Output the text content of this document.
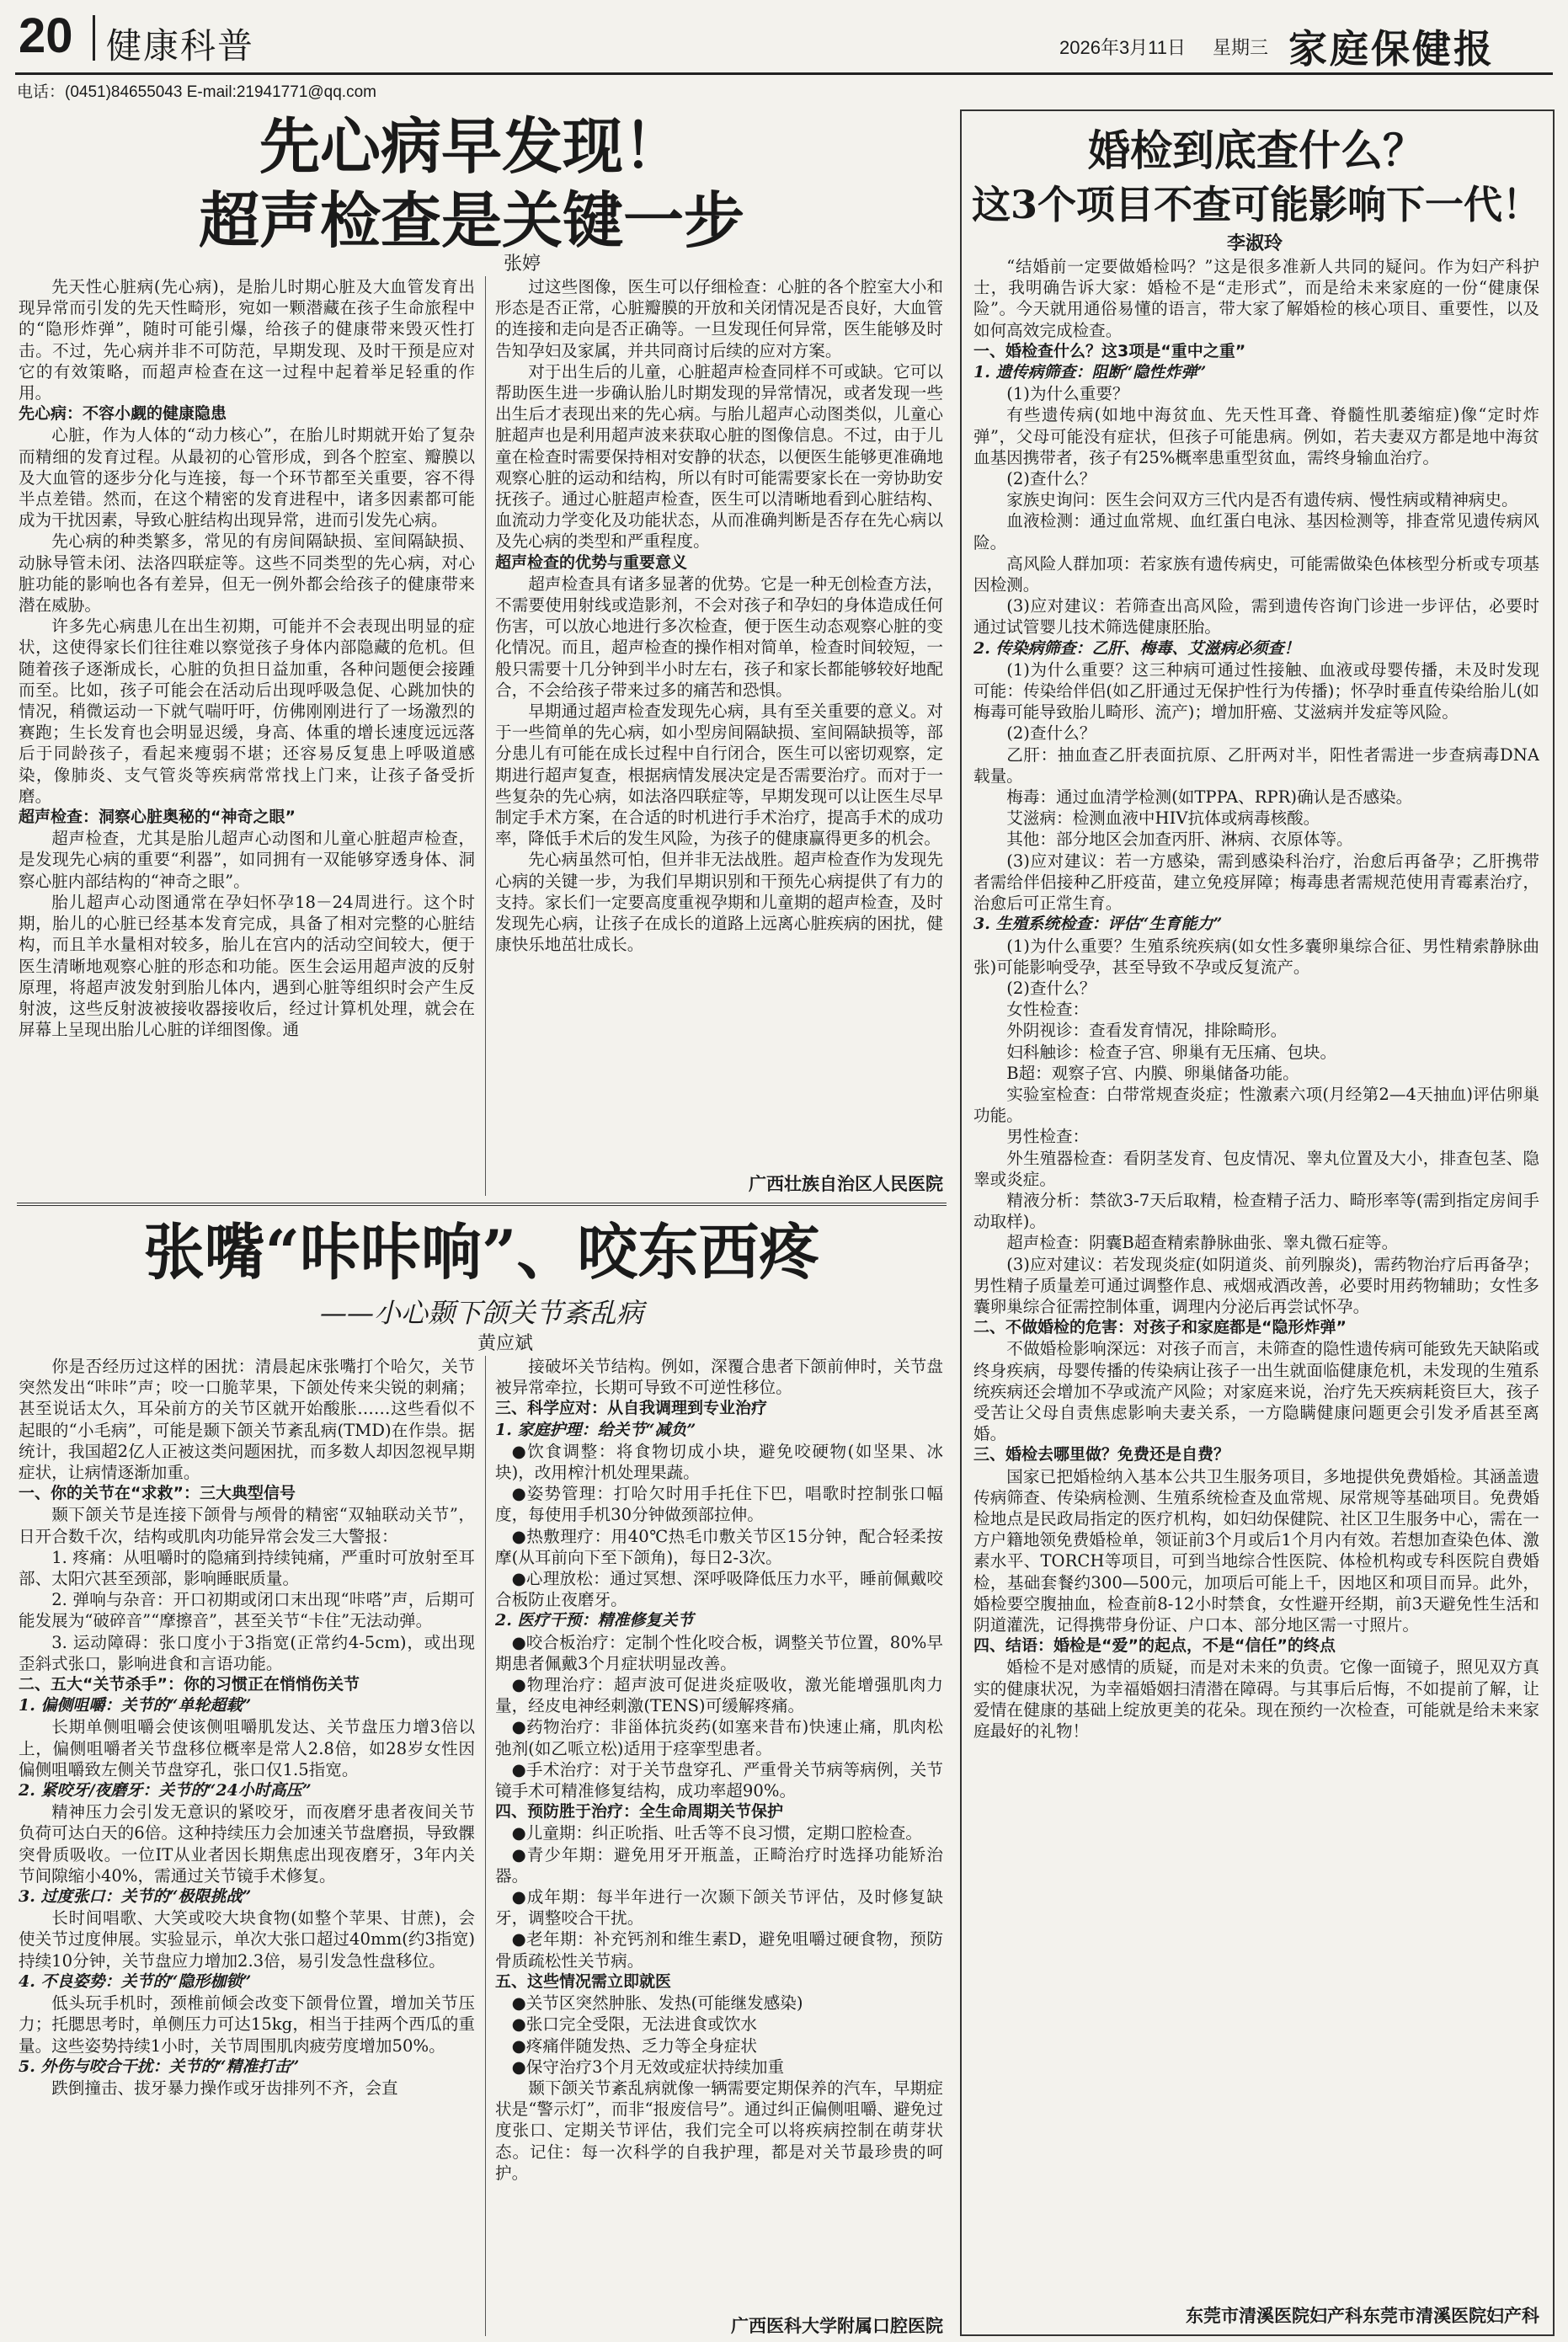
20 健康科普	2026年3月11日 星期三 家庭保健报
电话：(0451)84655043 E-mail:21941771@qq.com
先心病早发现！
超声检查是关键一步
张婷

先天性心脏病(先心病)，是胎儿时期心脏及大血管发育出现异常而引发的先天性畸形，宛如一颗潜藏在孩子生命旅程中的“隐形炸弹”，随时可能引爆，给孩子的健康带来毁灭性打击。不过，先心病并非不可防范，早期发现、及时干预是应对它的有效策略，而超声检查在这一过程中起着举足轻重的作用。

先心病：不容小觑的健康隐患

心脏，作为人体的“动力核心”，在胎儿时期就开始了复杂而精细的发育过程。从最初的心管形成，到各个腔室、瓣膜以及大血管的逐步分化与连接，每一个环节都至关重要，容不得半点差错。然而，在这个精密的发育进程中，诸多因素都可能成为干扰因素，导致心脏结构出现异常，进而引发先心病。

先心病的种类繁多，常见的有房间隔缺损、室间隔缺损、动脉导管未闭、法洛四联症等。这些不同类型的先心病，对心脏功能的影响也各有差异，但无一例外都会给孩子的健康带来潜在威胁。

许多先心病患儿在出生初期，可能并不会表现出明显的症状，这使得家长们往往难以察觉孩子身体内部隐藏的危机。但随着孩子逐渐成长，心脏的负担日益加重，各种问题便会接踵而至。比如，孩子可能会在活动后出现呼吸急促、心跳加快的情况，稍微运动一下就气喘吁吁，仿佛刚刚进行了一场激烈的赛跑；生长发育也会明显迟缓，身高、体重的增长速度远远落后于同龄孩子，看起来瘦弱不堪；还容易反复患上呼吸道感染，像肺炎、支气管炎等疾病常常找上门来，让孩子备受折磨。

超声检查：洞察心脏奥秘的“神奇之眼”

超声检查，尤其是胎儿超声心动图和儿童心脏超声检查，是发现先心病的重要“利器”，如同拥有一双能够穿透身体、洞察心脏内部结构的“神奇之眼”。

胎儿超声心动图通常在孕妇怀孕18－24周进行。这个时期，胎儿的心脏已经基本发育完成，具备了相对完整的心脏结构，而且羊水量相对较多，胎儿在宫内的活动空间较大，便于医生清晰地观察心脏的形态和功能。医生会运用超声波的反射原理，将超声波发射到胎儿体内，遇到心脏等组织时会产生反射波，这些反射波被接收器接收后，经过计算机处理，就会在屏幕上呈现出胎儿心脏的详细图像。通

过这些图像，医生可以仔细检查：心脏的各个腔室大小和形态是否正常，心脏瓣膜的开放和关闭情况是否良好，大血管的连接和走向是否正确等。一旦发现任何异常，医生能够及时告知孕妇及家属，并共同商讨后续的应对方案。

对于出生后的儿童，心脏超声检查同样不可或缺。它可以帮助医生进一步确认胎儿时期发现的异常情况，或者发现一些出生后才表现出来的先心病。与胎儿超声心动图类似，儿童心脏超声也是利用超声波来获取心脏的图像信息。不过，由于儿童在检查时需要保持相对安静的状态，以便医生能够更准确地观察心脏的运动和结构，所以有时可能需要家长在一旁协助安抚孩子。通过心脏超声检查，医生可以清晰地看到心脏结构、血流动力学变化及功能状态，从而准确判断是否存在先心病以及先心病的类型和严重程度。

超声检查的优势与重要意义

超声检查具有诸多显著的优势。它是一种无创检查方法，不需要使用射线或造影剂，不会对孩子和孕妇的身体造成任何伤害，可以放心地进行多次检查，便于医生动态观察心脏的变化情况。而且，超声检查的操作相对简单，检查时间较短，一般只需要十几分钟到半小时左右，孩子和家长都能够较好地配合，不会给孩子带来过多的痛苦和恐惧。

早期通过超声检查发现先心病，具有至关重要的意义。对于一些简单的先心病，如小型房间隔缺损、室间隔缺损等，部分患儿有可能在成长过程中自行闭合，医生可以密切观察，定期进行超声复查，根据病情发展决定是否需要治疗。而对于一些复杂的先心病，如法洛四联症等，早期发现可以让医生尽早制定手术方案，在合适的时机进行手术治疗，提高手术的成功率，降低手术后的发生风险，为孩子的健康赢得更多的机会。

先心病虽然可怕，但并非无法战胜。超声检查作为发现先心病的关键一步，为我们早期识别和干预先心病提供了有力的支持。家长们一定要高度重视孕期和儿童期的超声检查，及时发现先心病，让孩子在成长的道路上远离心脏疾病的困扰，健康快乐地茁壮成长。

广西壮族自治区人民医院
张嘴“咔咔响”、咬东西疼
——小心颞下颌关节紊乱病
黄应斌

你是否经历过这样的困扰：清晨起床张嘴打个哈欠，关节突然发出“咔咔”声；咬一口脆苹果，下颌处传来尖锐的刺痛；甚至说话太久，耳朵前方的关节区就开始酸胀……这些看似不起眼的“小毛病”，可能是颞下颌关节紊乱病(TMD)在作祟。据统计，我国超2亿人正被这类问题困扰，而多数人却因忽视早期症状，让病情逐渐加重。

一、你的关节在“求救”：三大典型信号

颞下颌关节是连接下颌骨与颅骨的精密“双轴联动关节”，日开合数千次，结构或肌肉功能异常会发三大警报：

1. 疼痛：从咀嚼时的隐痛到持续钝痛，严重时可放射至耳部、太阳穴甚至颈部，影响睡眠质量。

2. 弹响与杂音：开口初期或闭口末出现“咔嗒”声，后期可能发展为“破碎音”“摩擦音”，甚至关节“卡住”无法动弹。

3. 运动障碍：张口度小于3指宽(正常约4-5cm)，或出现歪斜式张口，影响进食和言语功能。

二、五大“关节杀手”：你的习惯正在悄悄伤关节

1. 偏侧咀嚼：关节的“单轮超载”

长期单侧咀嚼会使该侧咀嚼肌发达、关节盘压力增3倍以上，偏侧咀嚼者关节盘移位概率是常人2.8倍，如28岁女性因偏侧咀嚼致左侧关节盘穿孔，张口仅1.5指宽。

2. 紧咬牙/夜磨牙：关节的“24小时高压”

精神压力会引发无意识的紧咬牙，而夜磨牙患者夜间关节负荷可达白天的6倍。这种持续压力会加速关节盘磨损，导致髁突骨质吸收。一位IT从业者因长期焦虑出现夜磨牙，3年内关节间隙缩小40%，需通过关节镜手术修复。

3. 过度张口：关节的“极限挑战”

长时间唱歌、大笑或咬大块食物(如整个苹果、甘蔗)，会使关节过度伸展。实验显示，单次大张口超过40mm(约3指宽)持续10分钟，关节盘应力增加2.3倍，易引发急性盘移位。

4. 不良姿势：关节的“隐形枷锁”

低头玩手机时，颈椎前倾会改变下颌骨位置，增加关节压力；托腮思考时，单侧压力可达15kg，相当于挂两个西瓜的重量。这些姿势持续1小时，关节周围肌肉疲劳度增加50%。

5. 外伤与咬合干扰：关节的“精准打击”

跌倒撞击、拔牙暴力操作或牙齿排列不齐，会直

接破坏关节结构。例如，深覆合患者下颌前伸时，关节盘被异常牵拉，长期可导致不可逆性移位。

三、科学应对：从自我调理到专业治疗

1. 家庭护理：给关节“减负”

● 饮食调整：将食物切成小块，避免咬硬物(如坚果、冰块)，改用榨汁机处理果蔬。

● 姿势管理：打哈欠时用手托住下巴，唱歌时控制张口幅度，每使用手机30分钟做颈部拉伸。

● 热敷理疗：用40℃热毛巾敷关节区15分钟，配合轻柔按摩(从耳前向下至下颌角)，每日2-3次。

● 心理放松：通过冥想、深呼吸降低压力水平，睡前佩戴咬合板防止夜磨牙。

2. 医疗干预：精准修复关节

● 咬合板治疗：定制个性化咬合板，调整关节位置，80%早期患者佩戴3个月症状明显改善。

● 物理治疗：超声波可促进炎症吸收，激光能增强肌肉力量，经皮电神经刺激(TENS)可缓解疼痛。

● 药物治疗：非甾体抗炎药(如塞来昔布)快速止痛，肌肉松弛剂(如乙哌立松)适用于痉挛型患者。

● 手术治疗：对于关节盘穿孔、严重骨关节病等病例，关节镜手术可精准修复结构，成功率超90%。

四、预防胜于治疗：全生命周期关节保护

● 儿童期：纠正吮指、吐舌等不良习惯，定期口腔检查。

● 青少年期：避免用牙开瓶盖，正畸治疗时选择功能矫治器。

● 成年期：每半年进行一次颞下颌关节评估，及时修复缺牙，调整咬合干扰。

● 老年期：补充钙剂和维生素D，避免咀嚼过硬食物，预防骨质疏松性关节病。

五、这些情况需立即就医

● 关节区突然肿胀、发热(可能继发感染)

● 张口完全受限，无法进食或饮水

● 疼痛伴随发热、乏力等全身症状

● 保守治疗3个月无效或症状持续加重

颞下颌关节紊乱病就像一辆需要定期保养的汽车，早期症状是“警示灯”，而非“报废信号”。通过纠正偏侧咀嚼、避免过度张口、定期关节评估，我们完全可以将疾病控制在萌芽状态。记住：每一次科学的自我护理，都是对关节最珍贵的呵护。

广西医科大学附属口腔医院
婚检到底查什么？
这3个项目不查可能影响下一代！
李淑玲

“结婚前一定要做婚检吗？”这是很多准新人共同的疑问。作为妇产科护士，我明确告诉大家：婚检不是“走形式”，而是给未来家庭的一份“健康保险”。今天就用通俗易懂的语言，带大家了解婚检的核心项目、重要性，以及如何高效完成检查。

一、婚检查什么？这3项是“重中之重”

1. 遗传病筛查：阻断“隐性炸弹”

(1)为什么重要？

有些遗传病(如地中海贫血、先天性耳聋、脊髓性肌萎缩症)像“定时炸弹”，父母可能没有症状，但孩子可能患病。例如，若夫妻双方都是地中海贫血基因携带者，孩子有25%概率患重型贫血，需终身输血治疗。

(2)查什么？

家族史询问：医生会问双方三代内是否有遗传病、慢性病或精神病史。

血液检测：通过血常规、血红蛋白电泳、基因检测等，排查常见遗传病风险。

高风险人群加项：若家族有遗传病史，可能需做染色体核型分析或专项基因检测。

(3)应对建议：若筛查出高风险，需到遗传咨询门诊进一步评估，必要时通过试管婴儿技术筛选健康胚胎。

2. 传染病筛查：乙肝、梅毒、艾滋病必须查！

(1)为什么重要？这三种病可通过性接触、血液或母婴传播，未及时发现可能：传染给伴侣(如乙肝通过无保护性行为传播)；怀孕时垂直传染给胎儿(如梅毒可能导致胎儿畸形、流产)；增加肝癌、艾滋病并发症等风险。

(2)查什么？

乙肝：抽血查乙肝表面抗原、乙肝两对半，阳性者需进一步查病毒DNA载量。

梅毒：通过血清学检测(如TPPA、RPR)确认是否感染。

艾滋病：检测血液中HIV抗体或病毒核酸。

其他：部分地区会加查丙肝、淋病、衣原体等。

(3)应对建议：若一方感染，需到感染科治疗，治愈后再备孕；乙肝携带者需给伴侣接种乙肝疫苗，建立免疫屏障；梅毒患者需规范使用青霉素治疗，治愈后可正常生育。

3. 生殖系统检查：评估“生育能力”

(1)为什么重要？生殖系统疾病(如女性多囊卵巢综合征、男性精索静脉曲张)可能影响受孕，甚至导致不孕或反复流产。

(2)查什么？

女性检查：

外阴视诊：查看发育情况，排除畸形。

妇科触诊：检查子宫、卵巢有无压痛、包块。

B超：观察子宫、内膜、卵巢储备功能。

实验室检查：白带常规查炎症；性激素六项(月经第2—4天抽血)评估卵巢功能。

男性检查：

外生殖器检查：看阴茎发育、包皮情况、睾丸位置及大小，排查包茎、隐睾或炎症。

精液分析：禁欲3-7天后取精，检查精子活力、畸形率等(需到指定房间手动取样)。

超声检查：阴囊B超查精索静脉曲张、睾丸微石症等。

(3)应对建议：若发现炎症(如阴道炎、前列腺炎)，需药物治疗后再备孕；男性精子质量差可通过调整作息、戒烟戒酒改善，必要时用药物辅助；女性多囊卵巢综合征需控制体重，调理内分泌后再尝试怀孕。

二、不做婚检的危害：对孩子和家庭都是“隐形炸弹”

不做婚检影响深远：对孩子而言，未筛查的隐性遗传病可能致先天缺陷或终身疾病，母婴传播的传染病让孩子一出生就面临健康危机，未发现的生殖系统疾病还会增加不孕或流产风险；对家庭来说，治疗先天疾病耗资巨大，孩子受苦让父母自责焦虑影响夫妻关系，一方隐瞒健康问题更会引发矛盾甚至离婚。

三、婚检去哪里做？免费还是自费？

国家已把婚检纳入基本公共卫生服务项目，多地提供免费婚检。其涵盖遗传病筛查、传染病检测、生殖系统检查及血常规、尿常规等基础项目。免费婚检地点是民政局指定的医疗机构，如妇幼保健院、社区卫生服务中心，需在一方户籍地领免费婚检单，领证前3个月或后1个月内有效。若想加查染色体、激素水平、TORCH等项目，可到当地综合性医院、体检机构或专科医院自费婚检，基础套餐约300—500元，加项后可能上千，因地区和项目而异。此外，婚检要空腹抽血，检查前8-12小时禁食，女性避开经期，前3天避免性生活和阴道灌洗，记得携带身份证、户口本、部分地区需一寸照片。

四、结语：婚检是“爱”的起点，不是“信任”的终点

婚检不是对感情的质疑，而是对未来的负责。它像一面镜子，照见双方真实的健康状况，为幸福婚姻扫清潜在障碍。与其事后后悔，不如提前了解，让爱情在健康的基础上绽放更美的花朵。现在预约一次检查，可能就是给未来家庭最好的礼物！

东莞市清溪医院妇产科东莞市清溪医院妇产科
